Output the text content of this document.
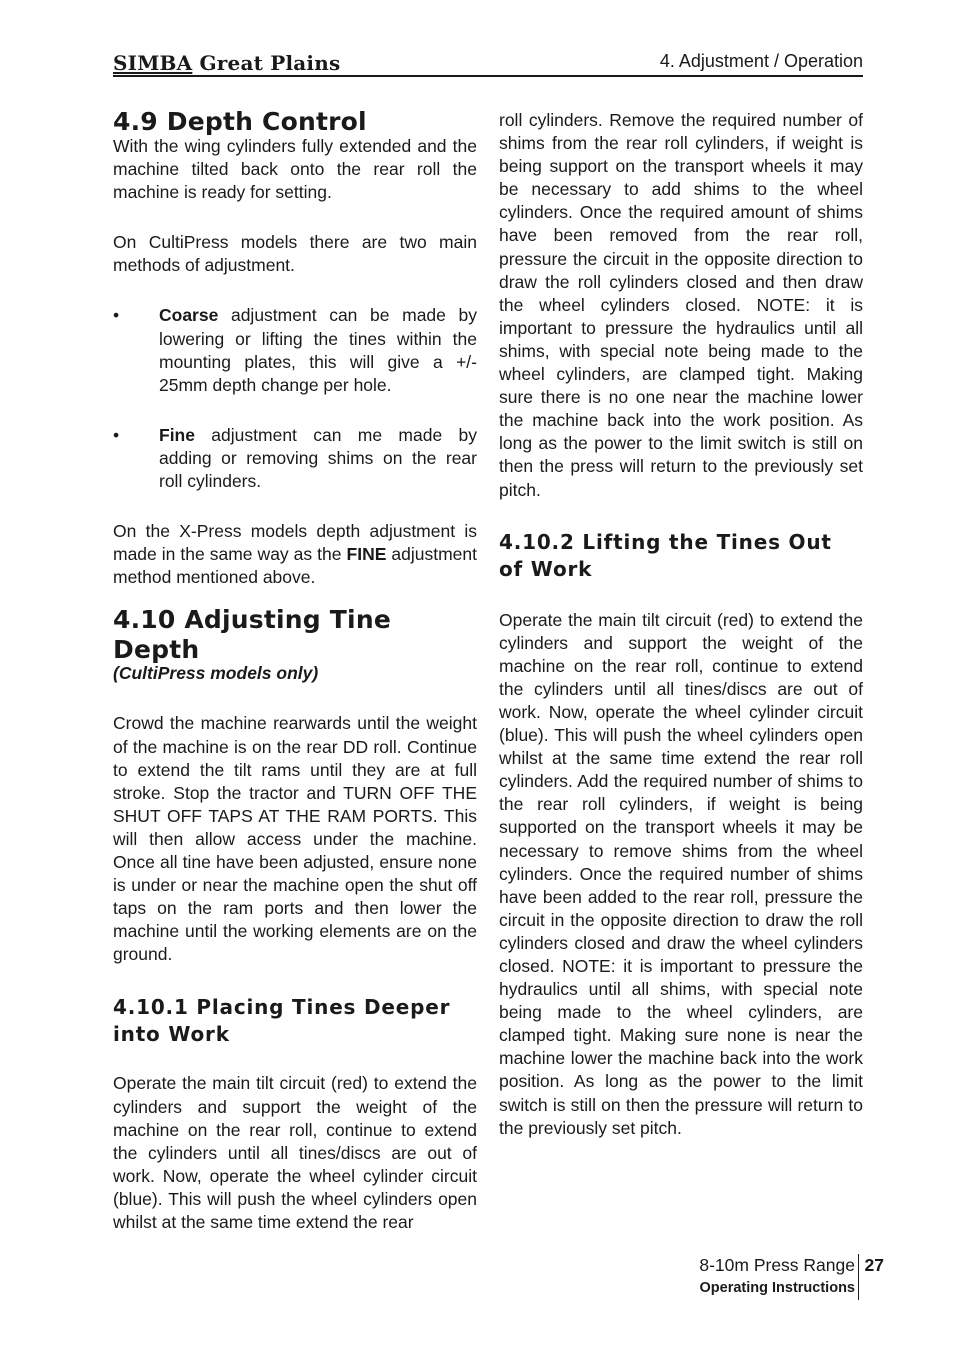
SIMBA Great Plains	4. Adjustment / Operation
4.9 Depth Control

With the wing cylinders fully extended and the machine tilted back onto the rear roll the machine is ready for setting.

On CultiPress models there are two main methods of adjustment.

•	Coarse adjustment can be made by lowering or lifting the tines within the mounting plates, this will give a +/- 25mm depth change per hole.
•	Fine adjustment can me made by adding or removing shims on the rear roll cylinders.

On the X-Press models depth adjustment is made in the same way as the FINE adjustment method mentioned above.

4.10 Adjusting Tine Depth
(CultiPress models only)

Crowd the machine rearwards until the weight of the machine is on the rear DD roll. Continue to extend the tilt rams until they are at full stroke. Stop the tractor and TURN OFF THE SHUT OFF TAPS AT THE RAM PORTS. This will then allow access under the machine. Once all tine have been adjusted, ensure none is under or near the machine open the shut off taps on the ram ports and then lower the machine until the working elements are on the ground.

4.10.1 Placing Tines Deeper into Work

Operate the main tilt circuit (red) to extend the cylinders and support the weight of the machine on the rear roll, continue to extend the cylinders until all tines/discs are out of work. Now, operate the wheel cylinder circuit (blue). This will push the wheel cylinders open whilst at the same time extend the rear

roll cylinders. Remove the required number of shims from the rear roll cylinders, if weight is being support on the transport wheels it may be necessary to add shims to the wheel cylinders. Once the required amount of shims have been removed from the rear roll, pressure the circuit in the opposite direction to draw the roll cylinders closed and then draw the wheel cylinders closed. NOTE: it is important to pressure the hydraulics until all shims, with special note being made to the wheel cylinders, are clamped tight. Making sure there is no one near the machine lower the machine back into the work position. As long as the power to the limit switch is still on then the press will return to the previously set pitch.

4.10.2 Lifting the Tines Out of Work

Operate the main tilt circuit (red) to extend the cylinders and support the weight of the machine on the rear roll, continue to extend the cylinders until all tines/discs are out of work. Now, operate the wheel cylinder circuit (blue). This will push the wheel cylinders open whilst at the same time extend the rear roll cylinders. Add the required number of shims to the rear roll cylinders, if weight is being supported on the transport wheels it may be necessary to remove shims from the wheel cylinders. Once the required number of shims have been added to the rear roll, pressure the circuit in the opposite direction to draw the roll cylinders closed and draw the wheel cylinders closed. NOTE: it is important to pressure the hydraulics until all shims, with special note being made to the wheel cylinders, are clamped tight. Making sure none is near the machine lower the machine back into the work position. As long as the power to the limit switch is still on then the pressure will return to the previously set pitch.

8-10m Press Range
Operating Instructions
27
